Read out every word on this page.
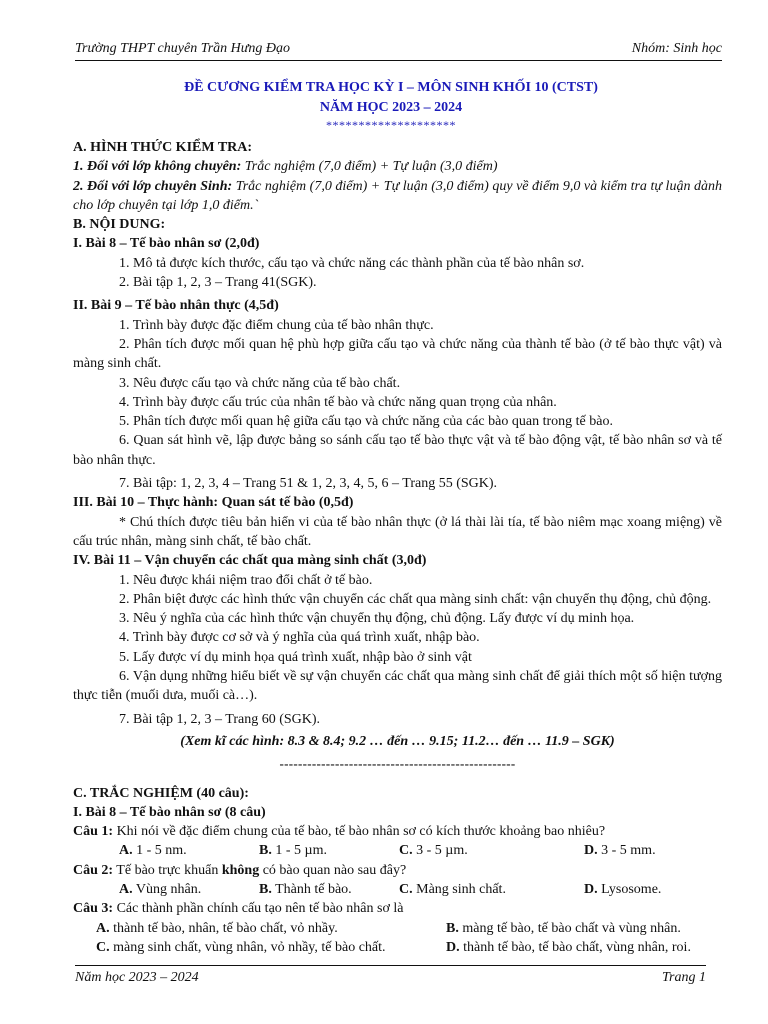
Trường THPT chuyên Trần Hưng Đạo	Nhóm: Sinh học
ĐỀ CƯƠNG KIỂM TRA HỌC KỲ I – MÔN SINH KHỐI 10 (CTST)
NĂM HỌC 2023 – 2024
********************
A. HÌNH THỨC KIỂM TRA:
1. Đối với lớp không chuyên: Trắc nghiệm (7,0 điểm) + Tự luận (3,0 điểm)
2. Đối với lớp chuyên Sinh: Trắc nghiệm (7,0 điểm) + Tự luận (3,0 điểm) quy về điểm 9,0 và kiểm tra tự luận dành cho lớp chuyên tại lớp 1,0 điểm.`
B. NỘI DUNG:
I. Bài 8 – Tế bào nhân sơ (2,0đ)
1. Mô tả được kích thước, cấu tạo và chức năng các thành phần của tế bào nhân sơ.
2. Bài tập 1, 2, 3 – Trang 41(SGK).
II. Bài 9 – Tế bào nhân thực (4,5đ)
1. Trình bày được đặc điểm chung của tế bào nhân thực.
2. Phân tích được mối quan hệ phù hợp giữa cấu tạo và chức năng của thành tế bào (ở tế bào thực vật) và màng sinh chất.
3. Nêu được cấu tạo và chức năng của tế bào chất.
4. Trình bày được cấu trúc của nhân tế bào và chức năng quan trọng của nhân.
5. Phân tích được mối quan hệ giữa cấu tạo và chức năng của các bào quan trong tế bào.
6. Quan sát hình vẽ, lập được bảng so sánh cấu tạo tế bào thực vật và tế bào động vật, tế bào nhân sơ và tế bào nhân thực.
7. Bài tập: 1, 2, 3, 4 – Trang 51 & 1, 2, 3, 4, 5, 6 – Trang 55 (SGK).
III. Bài 10 – Thực hành: Quan sát tế bào (0,5đ)
* Chú thích được tiêu bản hiển vi của tế bào nhân thực (ở lá thài lài tía, tế bào niêm mạc xoang miệng) về cấu trúc nhân, màng sinh chất, tế bào chất.
IV. Bài 11 – Vận chuyển các chất qua màng sinh chất (3,0đ)
1. Nêu được khái niệm trao đổi chất ở tế bào.
2. Phân biệt được các hình thức vận chuyển các chất qua màng sinh chất: vận chuyển thụ động, chủ động.
3. Nêu ý nghĩa của các hình thức vận chuyển thụ động, chủ động. Lấy được ví dụ minh họa.
4. Trình bày được cơ sở và ý nghĩa của quá trình xuất, nhập bào.
5. Lấy được ví dụ minh họa quá trình xuất, nhập bào ở sinh vật
6. Vận dụng những hiểu biết về sự vận chuyển các chất qua màng sinh chất để giải thích một số hiện tượng thực tiễn (muối dưa, muối cà…).
7. Bài tập 1, 2, 3 – Trang 60 (SGK).
(Xem kĩ các hình: 8.3 & 8.4; 9.2 … đến … 9.15; 11.2… đến … 11.9 – SGK)
---------------------------------------------------
C. TRẮC NGHIỆM (40 câu):
I. Bài 8 – Tế bào nhân sơ (8 câu)
Câu 1: Khi nói về đặc điểm chung của tế bào, tế bào nhân sơ có kích thước khoảng bao nhiêu?
A. 1 - 5 nm.	B. 1 - 5 µm.	C. 3 - 5 µm.	D. 3 - 5 mm.
Câu 2: Tế bào trực khuẩn không có bào quan nào sau đây?
A. Vùng nhân.	B. Thành tế bào.	C. Màng sinh chất.	D. Lysosome.
Câu 3: Các thành phần chính cấu tạo nên tế bào nhân sơ là
A. thành tế bào, nhân, tế bào chất, vỏ nhầy.	B. màng tế bào, tế bào chất và vùng nhân.
C. màng sinh chất, vùng nhân, vỏ nhầy, tế bào chất.	D. thành tế bào, tế bào chất, vùng nhân, roi.
Năm học 2023 – 2024	Trang 1
